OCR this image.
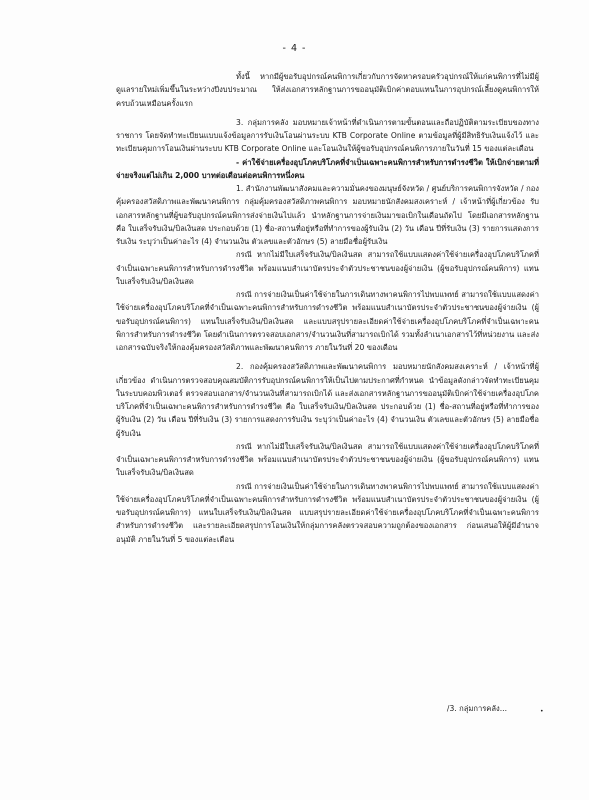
- 4 -

ทั้งนี้ หากมีผู้ขอรับอุปกรณ์คนพิการเกี่ยวกับการจัดหาครอบครัวอุปกรณ์ให้แก่คนพิการที่ไม่มีผู้ดูแลรายใหม่เพิ่มขึ้นในระหว่างปีงบประมาณ ให้ส่งเอกสารหลักฐานการขออนุมัติเบิกค่าตอบแทนในการอุปกรณ์เลี้ยงดูคนพิการให้ครบถ้วนเหมือนครั้งแรก

3. กลุ่มการคลัง มอบหมายเจ้าหน้าที่ดำเนินการตามขั้นตอนและถือปฏิบัติตามระเบียบของทางราชการ โดยจัดทำทะเบียนแบบแจ้งข้อมูลการรับเงินโอนผ่านระบบ KTB Corporate Online ตามข้อมูลที่ผู้มีสิทธิรับเงินแจ้งไว้ และทะเบียนคุมการโอนเงินผ่านระบบ KTB Corporate Online และโอนเงินให้ผู้ขอรับอุปกรณ์คนพิการภายในวันที่ 15 ของแต่ละเดือน

- ค่าใช้จ่ายเครื่องอุปโภคบริโภคที่จำเป็นเฉพาะคนพิการสำหรับการดำรงชีวิต ให้เบิกจ่ายตามที่จ่ายจริงแต่ไม่เกิน 2,000 บาทต่อเดือนต่อคนพิการหนึ่งคน

1. สำนักงานพัฒนาสังคมและความมั่นคงของมนุษย์จังหวัด / ศูนย์บริการคนพิการจังหวัด / กองคุ้มครองสวัสดิภาพและพัฒนาคนพิการ กลุ่มคุ้มครองสวัสดิภาพคนพิการ มอบหมายนักสังคมสงเคราะห์ / เจ้าหน้าที่ผู้เกี่ยวข้อง รับเอกสารหลักฐานที่ผู้ขอรับอุปกรณ์คนพิการส่งจ่ายเงินไปแล้ว นำหลักฐานการจ่ายเงินมาขอเบิกในเดือนถัดไป โดยมีเอกสารหลักฐาน คือ ใบเสร็จรับเงิน/บิลเงินสด ประกอบด้วย (1) ชื่อ-สถานที่อยู่หรือที่ทำการของผู้รับเงิน (2) วัน เดือน ปีที่รับเงิน (3) รายการแสดงการรับเงิน ระบุว่าเป็นค่าอะไร (4) จำนวนเงิน ตัวเลขและตัวอักษร (5) ลายมือชื่อผู้รับเงิน

กรณี หากไม่มีใบเสร็จรับเงิน/บิลเงินสด สามารถใช้แบบแสดงค่าใช้จ่ายเครื่องอุปโภคบริโภคที่จำเป็นเฉพาะคนพิการสำหรับการดำรงชีวิต พร้อมแนบสำเนาบัตรประจำตัวประชาชนของผู้จ่ายเงิน (ผู้ขอรับอุปกรณ์คนพิการ) แทนใบเสร็จรับเงิน/บิลเงินสด

กรณี การจ่ายเงินเป็นค่าใช้จ่ายในการเดินทางพาคนพิการไปพบแพทย์ สามารถใช้แบบแสดงค่าใช้จ่ายเครื่องอุปโภคบริโภคที่จำเป็นเฉพาะคนพิการสำหรับการดำรงชีวิต พร้อมแนบสำเนาบัตรประจำตัวประชาชนของผู้จ่ายเงิน (ผู้ขอรับอุปกรณ์คนพิการ) แทนใบเสร็จรับเงิน/บิลเงินสด และแบบสรุปรายละเอียดค่าใช้จ่ายเครื่องอุปโภคบริโภคที่จำเป็นเฉพาะคนพิการสำหรับการดำรงชีวิต โดยดำเนินการตรวจสอบเอกสาร/จำนวนเงินที่สามารถเบิกได้ รวมทั้งลำเนาเอกสารไว้ที่หน่วยงาน และส่งเอกสารฉบับจริงให้กองคุ้มครองสวัสดิภาพและพัฒนาคนพิการ ภายในวันที่ 20 ของเดือน

2. กองคุ้มครองสวัสดิภาพและพัฒนาคนพิการ มอบหมายนักสังคมสงเคราะห์ / เจ้าหน้าที่ผู้เกี่ยวข้อง ดำเนินการตรวจสอบคุณสมบัติการรับอุปกรณ์คนพิการให้เป็นไปตามประกาศที่กำหนด นำข้อมูลดังกล่าวจัดทำทะเบียนคุมในระบบคอมพิวเตอร์ ตรวจสอบเอกสาร/จำนวนเงินที่สามารถเบิกได้ และส่งเอกสารหลักฐานการขออนุมัติเบิกค่าใช้จ่ายเครื่องอุปโภคบริโภคที่จำเป็นเฉพาะคนพิการสำหรับการดำรงชีวิต คือ ใบเสร็จรับเงิน/บิลเงินสด ประกอบด้วย (1) ชื่อ-สถานที่อยู่หรือที่ทำการของผู้รับเงิน (2) วัน เดือน ปีที่รับเงิน (3) รายการแสดงการรับเงิน ระบุว่าเป็นค่าอะไร (4) จำนวนเงิน ตัวเลขและตัวอักษร (5) ลายมือชื่อผู้รับเงิน

กรณี หากไม่มีใบเสร็จรับเงิน/บิลเงินสด สามารถใช้แบบแสดงค่าใช้จ่ายเครื่องอุปโภคบริโภคที่จำเป็นเฉพาะคนพิการสำหรับการดำรงชีวิต พร้อมแนบสำเนาบัตรประจำตัวประชาชนของผู้จ่ายเงิน (ผู้ขอรับอุปกรณ์คนพิการ) แทนใบเสร็จรับเงิน/บิลเงินสด

กรณี การจ่ายเงินเป็นค่าใช้จ่ายในการเดินทางพาคนพิการไปพบแพทย์ สามารถใช้แบบแสดงค่าใช้จ่ายเครื่องอุปโภคบริโภคที่จำเป็นเฉพาะคนพิการสำหรับการดำรงชีวิต พร้อมแนบสำเนาบัตรประจำตัวประชาชนของผู้จ่ายเงิน (ผู้ขอรับอุปกรณ์คนพิการ) แทนใบเสร็จรับเงิน/บิลเงินสด แบบสรุปรายละเอียดค่าใช้จ่ายเครื่องอุปโภคบริโภคที่จำเป็นเฉพาะคนพิการสำหรับการดำรงชีวิต และรายละเอียดสรุปการโอนเงินให้กลุ่มการคลังตรวจสอบความถูกต้องของเอกสาร ก่อนเสนอให้ผู้มีอำนาจอนุมัติ ภายในวันที่ 5 ของแต่ละเดือน

/3. กลุ่มการคลัง...	•
